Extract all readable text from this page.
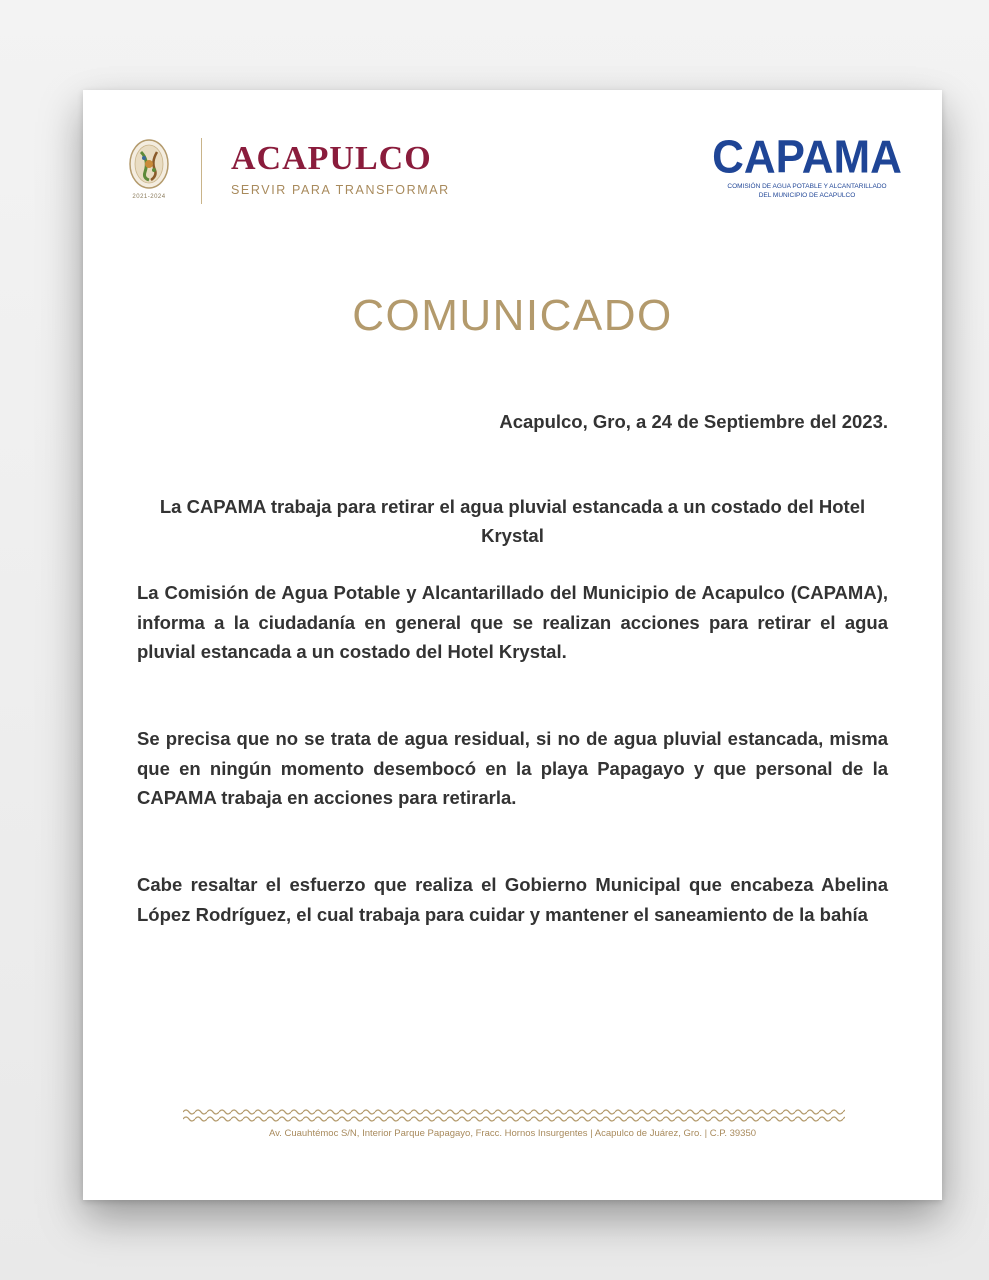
2021-2024
ACAPULCO
SERVIR PARA TRANSFORMAR
CAPAMA
COMISIÓN DE AGUA POTABLE Y ALCANTARILLADO
DEL MUNICIPIO DE ACAPULCO
COMUNICADO
Acapulco, Gro, a 24 de Septiembre del 2023.
La CAPAMA trabaja para retirar el agua pluvial estancada a un costado del Hotel Krystal

La Comisión de Agua Potable y Alcantarillado del Municipio de Acapulco (CAPAMA), informa a la ciudadanía en general que se realizan acciones para retirar el agua pluvial estancada a un costado del Hotel Krystal.

Se precisa que no se trata de agua residual, si no de agua pluvial estancada, misma que en ningún momento desembocó en la playa Papagayo y que personal de la CAPAMA trabaja en acciones para retirarla.

Cabe resaltar el esfuerzo que realiza el Gobierno Municipal que encabeza Abelina López Rodríguez, el cual trabaja para cuidar y mantener el saneamiento de la bahía

Av. Cuauhtémoc S/N, Interior Parque Papagayo, Fracc. Hornos Insurgentes | Acapulco de Juárez, Gro. | C.P. 39350
